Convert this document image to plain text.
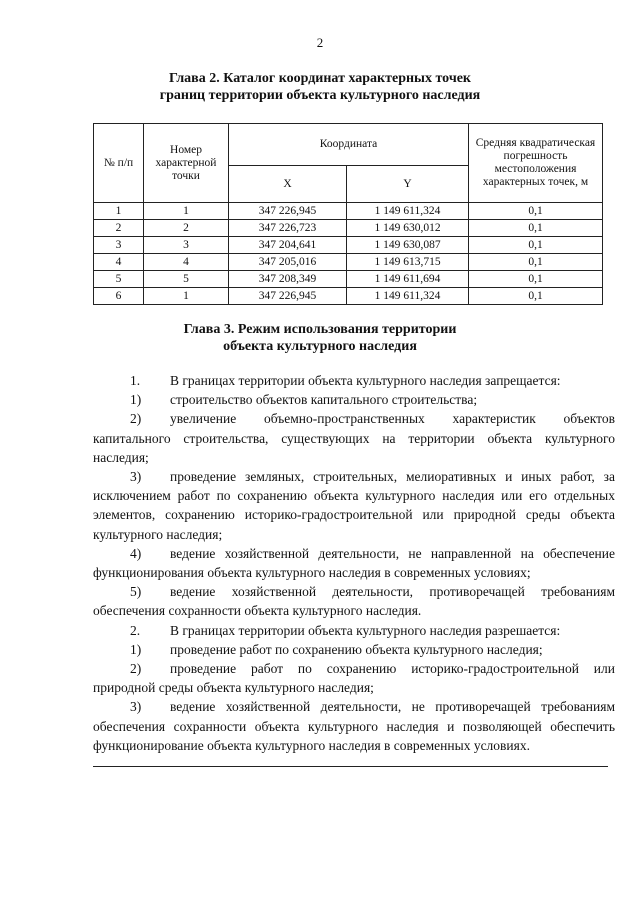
2
Глава 2. Каталог координат характерных точек
границ территории объекта культурного наследия
№ п/п	Номер характерной точки	Координата		Средняя квадратическая погрешность местоположения характерных точек, м
		X	Y	
1	1	347 226,945	1 149 611,324	0,1
2	2	347 226,723	1 149 630,012	0,1
3	3	347 204,641	1 149 630,087	0,1
4	4	347 205,016	1 149 613,715	0,1
5	5	347 208,349	1 149 611,694	0,1
6	1	347 226,945	1 149 611,324	0,1
Глава 3. Режим использования территории
объекта культурного наследия

1. В границах территории объекта культурного наследия запрещается:

1) строительство объектов капитального строительства;

2) увеличение объемно-пространственных характеристик объектов капитального строительства, существующих на территории объекта культурного наследия;

3) проведение земляных, строительных, мелиоративных и иных работ, за исключением работ по сохранению объекта культурного наследия или его отдельных элементов, сохранению историко-градостроительной или природной среды объекта культурного наследия;

4) ведение хозяйственной деятельности, не направленной на обеспечение функционирования объекта культурного наследия в современных условиях;

5) ведение хозяйственной деятельности, противоречащей требованиям обеспечения сохранности объекта культурного наследия.

2. В границах территории объекта культурного наследия разрешается:

1) проведение работ по сохранению объекта культурного наследия;

2) проведение работ по сохранению историко-градостроительной или природной среды объекта культурного наследия;

3) ведение хозяйственной деятельности, не противоречащей требованиям обеспечения сохранности объекта культурного наследия и позволяющей обеспечить функционирование объекта культурного наследия в современных условиях.
